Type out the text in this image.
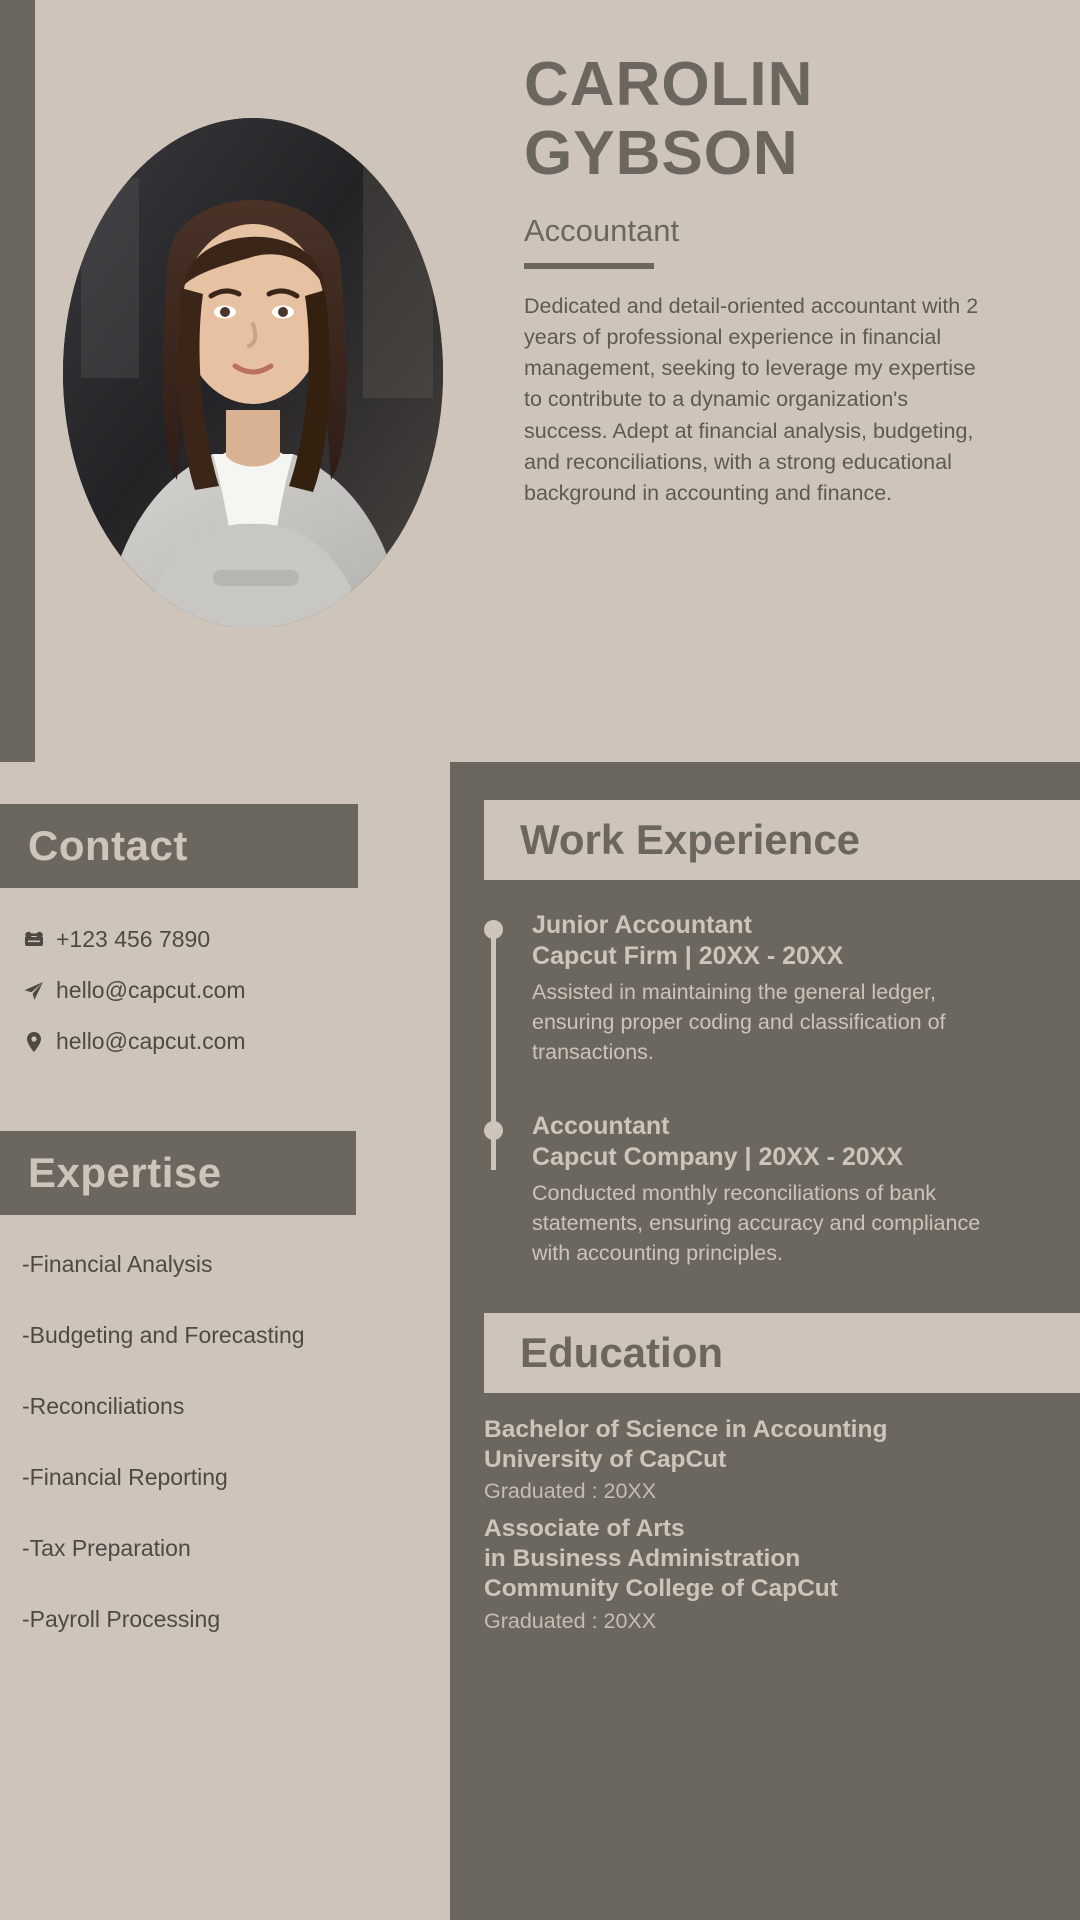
CAROLIN
GYBSON
Accountant
Dedicated and detail-oriented accountant with 2 years of professional experience in financial management, seeking to leverage my expertise to contribute to a dynamic organization's success. Adept at financial analysis, budgeting, and reconciliations, with a strong educational background in accounting and finance.
Contact
+123 456 7890
hello@capcut.com
hello@capcut.com
Expertise
-Financial Analysis
-Budgeting and Forecasting
-Reconciliations
-Financial Reporting
-Tax Preparation
-Payroll Processing
Work Experience
Junior Accountant
Capcut Firm | 20XX - 20XX
Assisted in maintaining the general ledger, ensuring proper coding and classification of transactions.
Accountant
Capcut Company | 20XX - 20XX
Conducted monthly reconciliations of bank statements, ensuring accuracy and compliance with accounting principles.
Education
Bachelor of Science in Accounting
University of CapCut
Graduated : 20XX
Associate of Arts
in Business Administration
Community College of CapCut
Graduated : 20XX
